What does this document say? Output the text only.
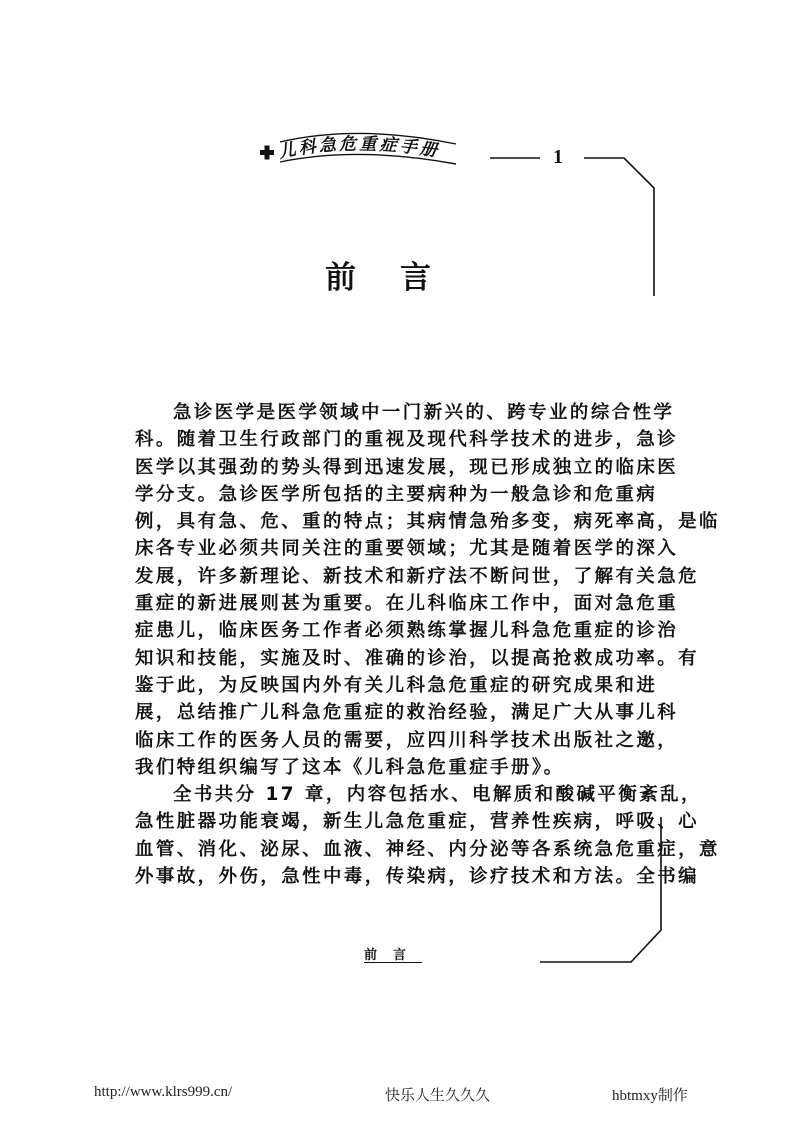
儿科急危重症手册	1
前言

急诊医学是医学领域中一门新兴的、跨专业的综合性学
科。随着卫生行政部门的重视及现代科学技术的进步，急诊
医学以其强劲的势头得到迅速发展，现已形成独立的临床医
学分支。急诊医学所包括的主要病种为一般急诊和危重病
例，具有急、危、重的特点；其病情急殆多变，病死率高，是临
床各专业必须共同关注的重要领域；尤其是随着医学的深入
发展，许多新理论、新技术和新疗法不断问世，了解有关急危
重症的新进展则甚为重要。在儿科临床工作中，面对急危重
症患儿，临床医务工作者必须熟练掌握儿科急危重症的诊治
知识和技能，实施及时、准确的诊治，以提高抢救成功率。有
鉴于此，为反映国内外有关儿科急危重症的研究成果和进
展，总结推广儿科急危重症的救治经验，满足广大从事儿科
临床工作的医务人员的需要，应四川科学技术出版社之邀，
我们特组织编写了这本《儿科急危重症手册》。

全书共分 17 章，内容包括水、电解质和酸碱平衡紊乱，
急性脏器功能衰竭，新生儿急危重症，营养性疾病，呼吸、心
血管、消化、泌尿、血液、神经、内分泌等各系统急危重症，意
外事故，外伤，急性中毒，传染病，诊疗技术和方法。全书编

前言
http://www.klrs999.cn/	快乐人生久久久	hbtmxy制作
